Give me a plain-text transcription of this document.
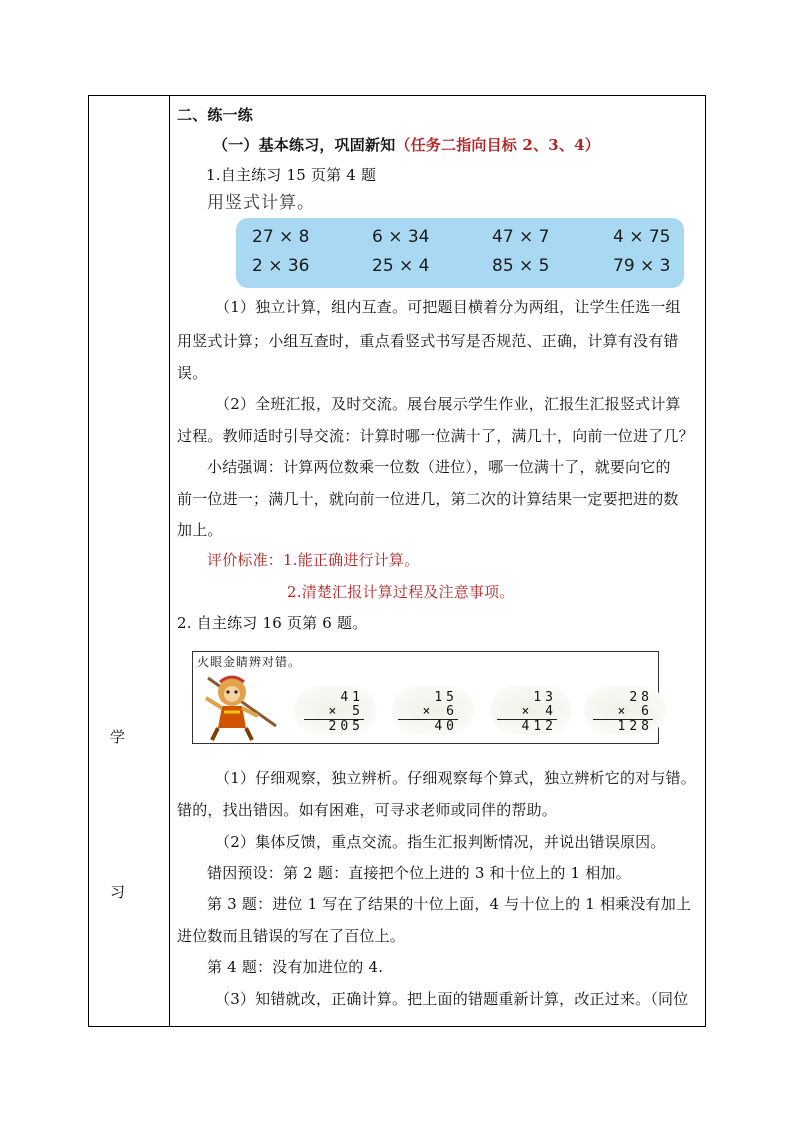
学
习
二、练一练
（一）基本练习，巩固新知（任务二指向目标 2、3、4）
1.自主练习 15 页第 4 题
用竖式计算。
27 × 8	6 × 34	47 × 7	4 × 75
2 × 36	25 × 4	85 × 5	79 × 3
（1）独立计算，组内互查。可把题目横着分为两组，让学生任选一组
用竖式计算；小组互查时，重点看竖式书写是否规范、正确，计算有没有错
误。
（2）全班汇报，及时交流。展台展示学生作业，汇报生汇报竖式计算
过程。教师适时引导交流：计算时哪一位满十了，满几十，向前一位进了几？
小结强调：计算两位数乘一位数（进位），哪一位满十了，就要向它的
前一位进一；满几十，就向前一位进几，第二次的计算结果一定要把进的数
加上。
评价标准：1.能正确进行计算。
2.清楚汇报计算过程及注意事项。
2. 自主练习 16 页第 6 题。
火眼金睛辨对错。
41
× 5
205
15
× 6
40
13
× 4
412
28
× 6
128
（1）仔细观察，独立辨析。仔细观察每个算式，独立辨析它的对与错。
错的，找出错因。如有困难，可寻求老师或同伴的帮助。
（2）集体反馈，重点交流。指生汇报判断情况，并说出错误原因。
错因预设：第 2 题：直接把个位上进的 3 和十位上的 1 相加。
第 3 题：进位 1 写在了结果的十位上面，4 与十位上的 1 相乘没有加上
进位数而且错误的写在了百位上。
第 4 题：没有加进位的 4.
（3）知错就改，正确计算。把上面的错题重新计算，改正过来。（同位
